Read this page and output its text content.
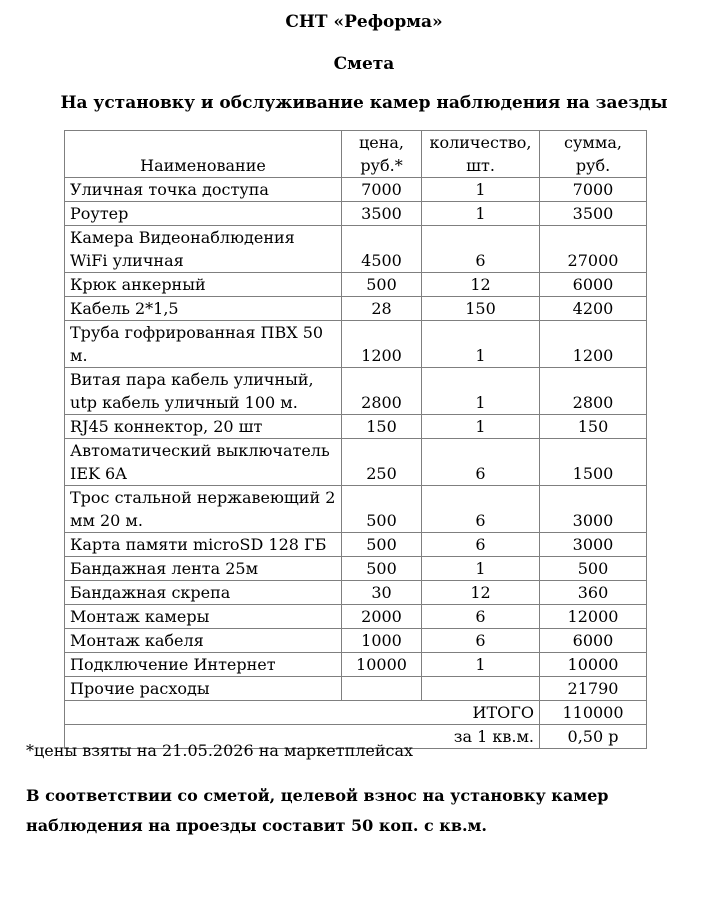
СНТ «Реформа»
Смета
На установку и обслуживание камер наблюдения на заезды
Наименование	цена, руб.*	количество, шт.	сумма, руб.
Уличная точка доступа	7000	1	7000
Роутер	3500	1	3500
Камера Видеонаблюдения WiFi уличная	4500	6	27000
Крюк анкерный	500	12	6000
Кабель 2*1,5	28	150	4200
Труба гофрированная ПВХ 50 м.	1200	1	1200
Витая пара кабель уличный, utp кабель уличный 100 м.	2800	1	2800
RJ45 коннектор, 20 шт	150	1	150
Автоматический выключатель IEK 6A	250	6	1500
Трос стальной нержавеющий 2 мм 20 м.	500	6	3000
Карта памяти microSD 128 ГБ	500	6	3000
Бандажная лента 25м	500	1	500
Бандажная скрепа	30	12	360
Монтаж камеры	2000	6	12000
Монтаж кабеля	1000	6	6000
Подключение Интернет	10000	1	10000
Прочие расходы			21790
ИТОГО			110000
за 1 кв.м.			0,50 р
*цены взяты на 21.05.2026 на маркетплейсах
В соответствии со сметой, целевой взнос на установку камер наблюдения на проезды составит 50 коп. с кв.м.
